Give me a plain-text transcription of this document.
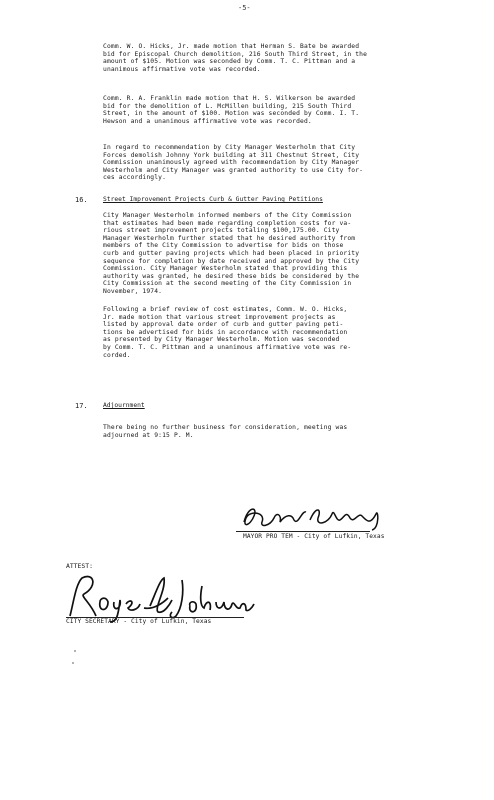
-5-

Comm. W. O. Hicks, Jr. made motion that Herman S. Bate be awarded
bid for Episcopal Church demolition, 216 South Third Street, in the
amount of $105. Motion was seconded by Comm. T. C. Pittman and a
unanimous affirmative vote was recorded.

Comm. R. A. Franklin made motion that H. S. Wilkerson be awarded
bid for the demolition of L. McMillen building, 215 South Third
Street, in the amount of $100. Motion was seconded by Comm. I. T.
Hewson and a unanimous affirmative vote was recorded.

In regard to recommendation by City Manager Westerholm that City
Forces demolish Johnny York building at 311 Chestnut Street, City
Commission unanimously agreed with recommendation by City Manager
Westerholm and City Manager was granted authority to use City for-
ces accordingly.

16. Street Improvement Projects Curb & Gutter Paving Petitions

City Manager Westerholm informed members of the City Commission
that estimates had been made regarding completion costs for va-
rious street improvement projects totaling $100,175.00. City
Manager Westerholm further stated that he desired authority from
members of the City Commission to advertise for bids on those
curb and gutter paving projects which had been placed in priority
sequence for completion by date received and approved by the City
Commission. City Manager Westerholm stated that providing this
authority was granted, he desired these bids be considered by the
City Commission at the second meeting of the City Commission in
November, 1974.

Following a brief review of cost estimates, Comm. W. O. Hicks,
Jr. made motion that various street improvement projects as
listed by approval date order of curb and gutter paving peti-
tions be advertised for bids in accordance with recommendation
as presented by City Manager Westerholm. Motion was seconded
by Comm. T. C. Pittman and a unanimous affirmative vote was re-
corded.

17. Adjournment

There being no further business for consideration, meeting was
adjourned at 9:15 P. M.

MAYOR PRO TEM - City of Lufkin, Texas
ATTEST:
CITY SECRETARY - City of Lufkin, Texas
